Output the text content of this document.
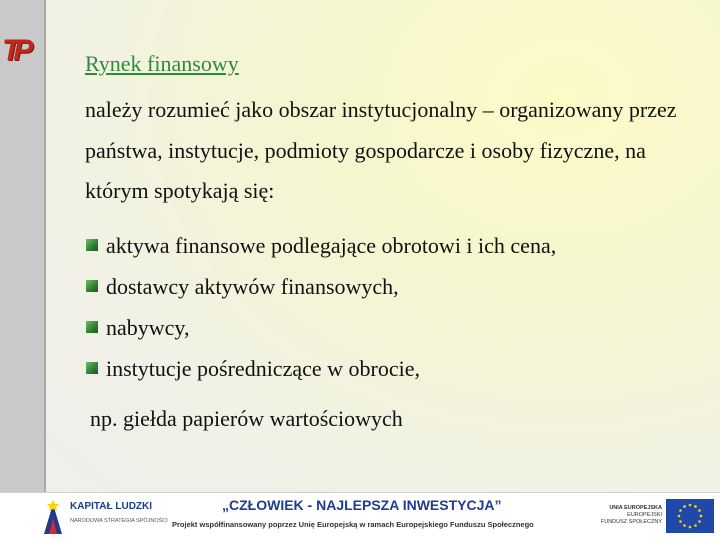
TP	Rynek finansowy

należy rozumieć jako obszar instytucjonalny – organizowany przez państwa, instytucje, podmioty gospodarcze i osoby fizyczne, na którym spotykają się:

aktywa finansowe podlegające obrotowi i ich cena,
dostawcy aktywów finansowych,
nabywcy,
instytucje pośredniczące w obrocie,
np. giełda papierów wartościowych
KAPITAŁ LUDZKI
NARODOWA STRATEGIA SPÓJNOŚCI
„CZŁOWIEK - NAJLEPSZA INWESTYCJA”
Projekt współfinansowany poprzez Unię Europejską w ramach Europejskiego Funduszu Społecznego
UNIA EUROPEJSKA
EUROPEJSKI
FUNDUSZ SPOŁECZNY
